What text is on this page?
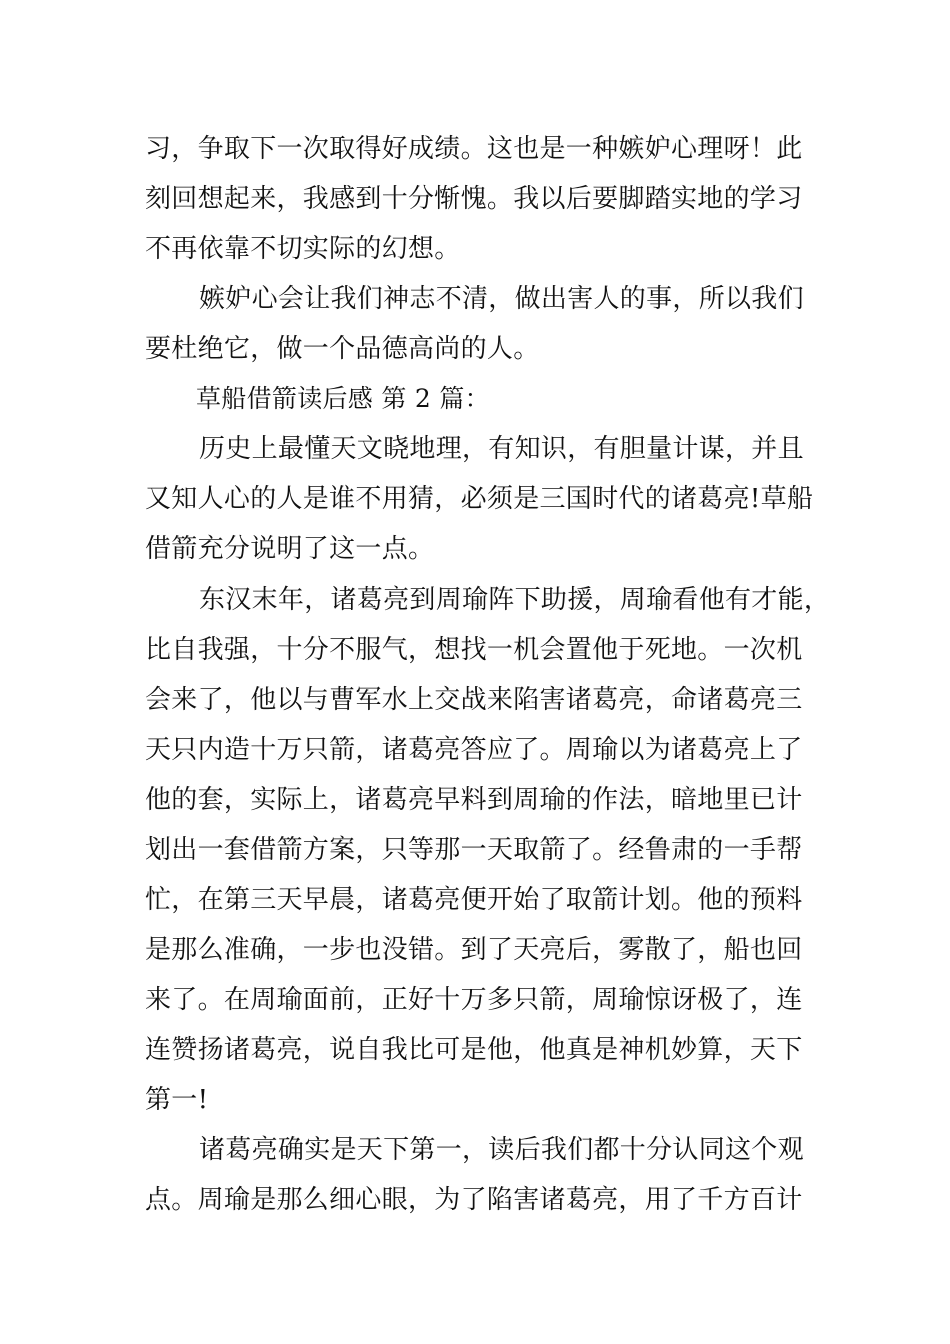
习，争取下一次取得好成绩。这也是一种嫉妒心理呀！此
刻回想起来，我感到十分惭愧。我以后要脚踏实地的学习
不再依靠不切实际的幻想。
嫉妒心会让我们神志不清，做出害人的事，所以我们
要杜绝它，做一个品德高尚的人。
草船借箭读后感 第 2 篇：
历史上最懂天文晓地理，有知识，有胆量计谋，并且
又知人心的人是谁不用猜，必须是三国时代的诸葛亮!草船
借箭充分说明了这一点。
东汉末年，诸葛亮到周瑜阵下助援，周瑜看他有才能，
比自我强，十分不服气，想找一机会置他于死地。一次机
会来了，他以与曹军水上交战来陷害诸葛亮，命诸葛亮三
天只内造十万只箭，诸葛亮答应了。周瑜以为诸葛亮上了
他的套，实际上，诸葛亮早料到周瑜的作法，暗地里已计
划出一套借箭方案，只等那一天取箭了。经鲁肃的一手帮
忙，在第三天早晨，诸葛亮便开始了取箭计划。他的预料
是那么准确，一步也没错。到了天亮后，雾散了，船也回
来了。在周瑜面前，正好十万多只箭，周瑜惊讶极了，连
连赞扬诸葛亮，说自我比可是他，他真是神机妙算，天下
第一!
诸葛亮确实是天下第一，读后我们都十分认同这个观
点。周瑜是那么细心眼，为了陷害诸葛亮，用了千方百计
